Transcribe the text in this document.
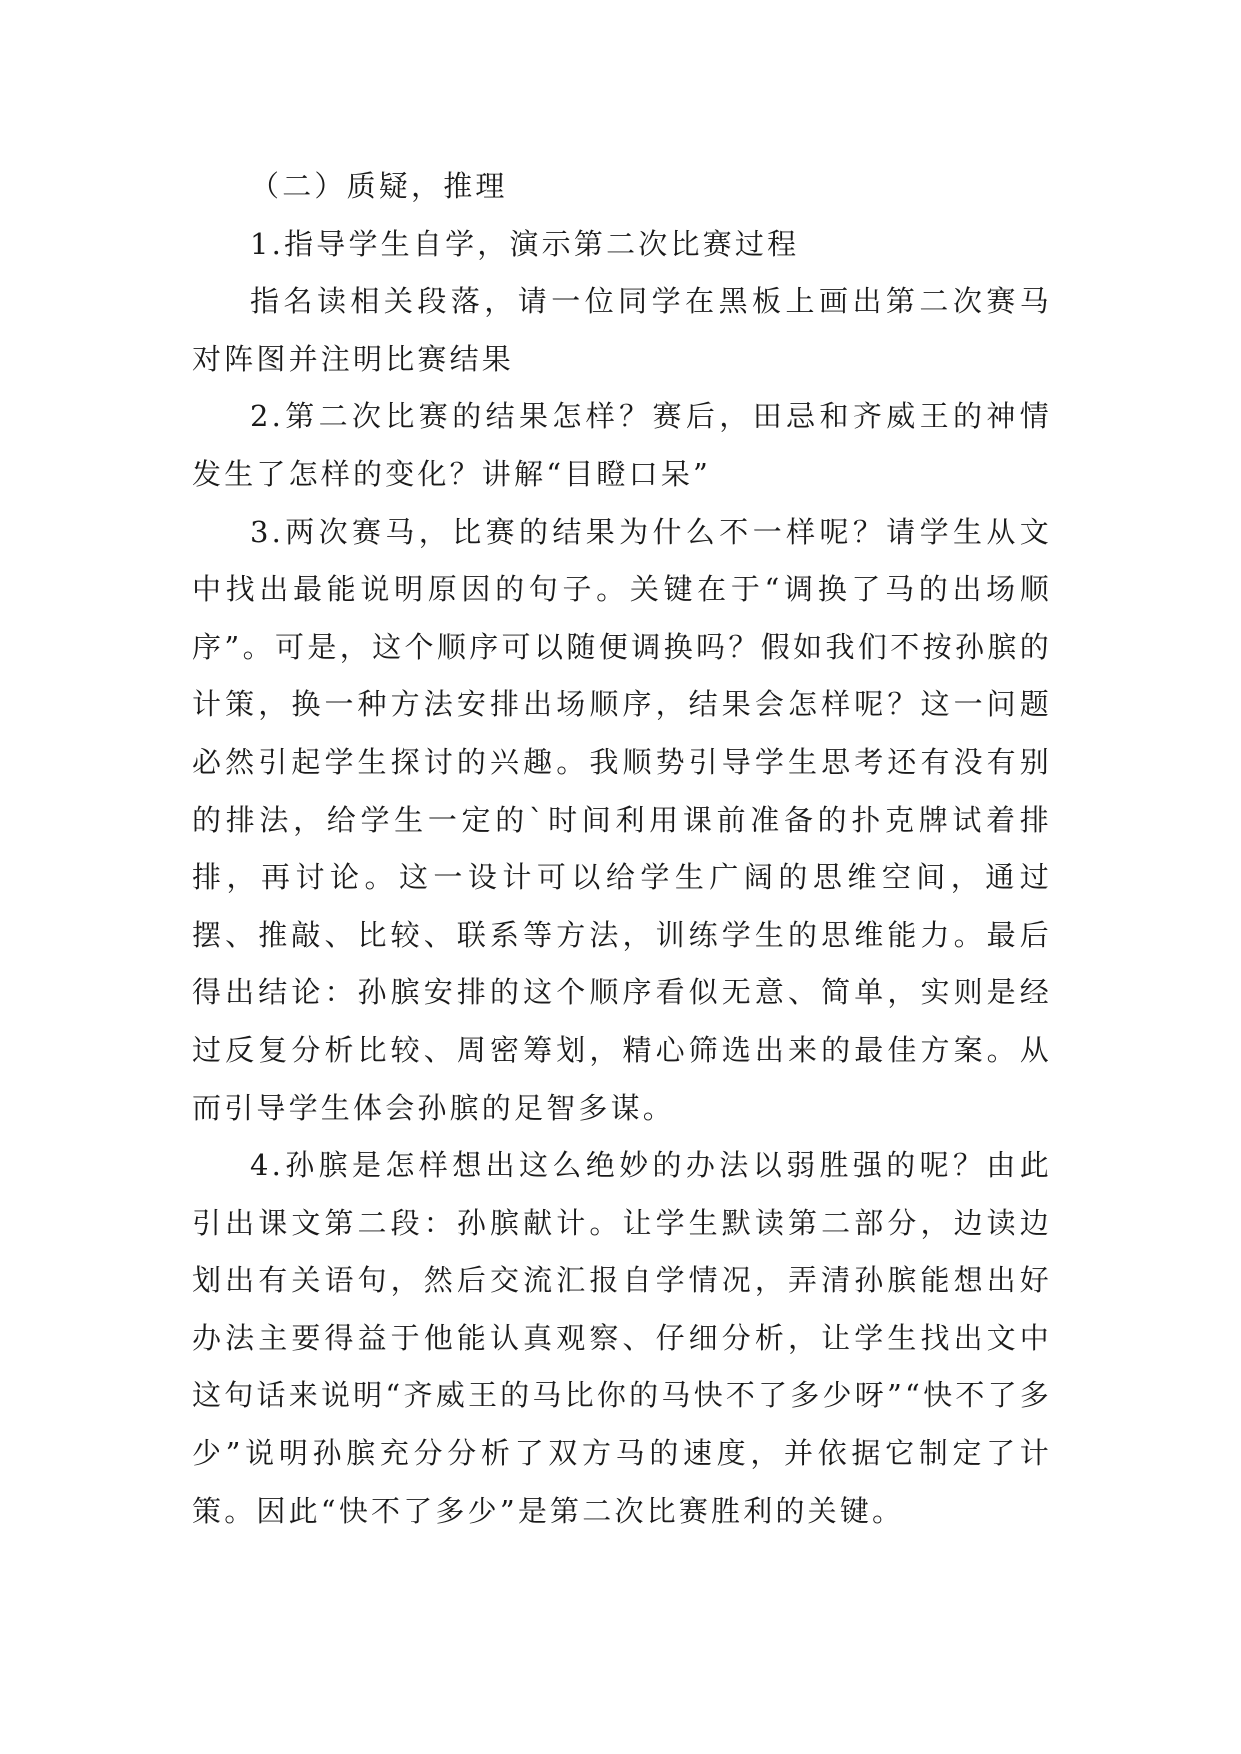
（二）质疑，推理

1.指导学生自学，演示第二次比赛过程

指名读相关段落，请一位同学在黑板上画出第二次赛马对阵图并注明比赛结果

2.第二次比赛的结果怎样？赛后，田忌和齐威王的神情发生了怎样的变化？讲解“目瞪口呆”

3.两次赛马，比赛的结果为什么不一样呢？请学生从文中找出最能说明原因的句子。关键在于“调换了马的出场顺序”。可是，这个顺序可以随便调换吗？假如我们不按孙膑的计策，换一种方法安排出场顺序，结果会怎样呢？这一问题必然引起学生探讨的兴趣。我顺势引导学生思考还有没有别的排法，给学生一定的`时间利用课前准备的扑克牌试着排排，再讨论。这一设计可以给学生广阔的思维空间，通过摆、推敲、比较、联系等方法，训练学生的思维能力。最后得出结论：孙膑安排的这个顺序看似无意、简单，实则是经过反复分析比较、周密筹划，精心筛选出来的最佳方案。从而引导学生体会孙膑的足智多谋。

4.孙膑是怎样想出这么绝妙的办法以弱胜强的呢？由此引出课文第二段：孙膑献计。让学生默读第二部分，边读边划出有关语句，然后交流汇报自学情况，弄清孙膑能想出好办法主要得益于他能认真观察、仔细分析，让学生找出文中这句话来说明“齐威王的马比你的马快不了多少呀”“快不了多少”说明孙膑充分分析了双方马的速度，并依据它制定了计策。因此“快不了多少”是第二次比赛胜利的关键。
